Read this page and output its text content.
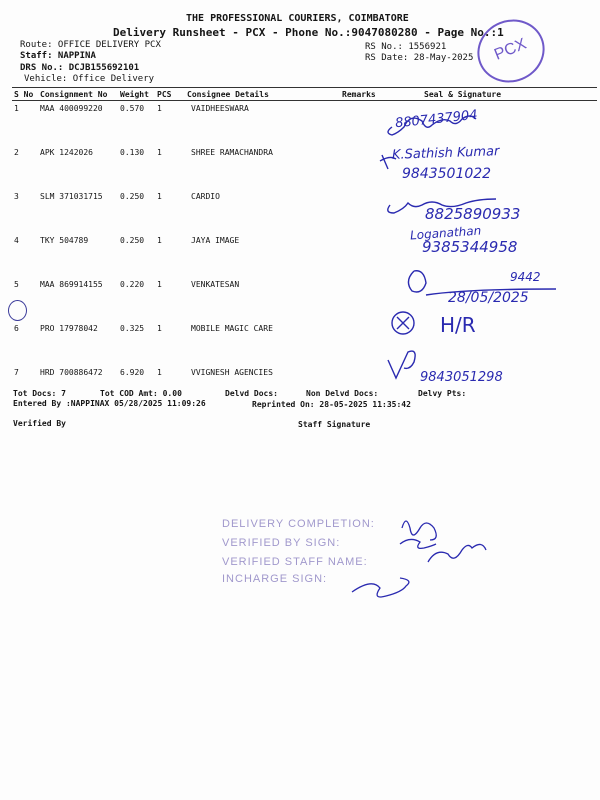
THE PROFESSIONAL COURIERS, COIMBATORE
Delivery Runsheet - PCX - Phone No.:9047080280 - Page No.:1
Route: OFFICE DELIVERY PCX
Staff: NAPPINA
DRS No.: DCJB155692101
Vehicle: Office Delivery
RS No.: 1556921
RS Date: 28-May-2025	PCX
S No	Consignment No	Weight	PCS	Consignee Details	Remarks	Seal & Signature
1	MAA 400099220	0.570	1	VAIDHEESWARA		
2	APK 1242026	0.130	1	SHREE RAMACHANDRA		
3	SLM 371031715	0.250	1	CARDIO		
4	TKY 504789	0.250	1	JAYA IMAGE		
5	MAA 869914155	0.220	1	VENKATESAN		
6	PRO 17978042	0.325	1	MOBILE MAGIC CARE		
7	HRD 700886472	6.920	1	VVIGNESH AGENCIES		
8807437904
K.Sathish Kumar
9843501022
8825890933
Loganathan
9385344958
9442
28/05/2025
H/R
9843051298
Tot Docs: 7	Tot COD Amt: 0.00	Delvd Docs:	Non Delvd Docs:	Delvy Pts:
Entered By :NAPPINAX 05/28/2025 11:09:26	Reprinted On: 28-05-2025 11:35:42
Verified By	Staff Signature
DELIVERY COMPLETION:
VERIFIED BY SIGN:
VERIFIED STAFF NAME:
INCHARGE SIGN:
